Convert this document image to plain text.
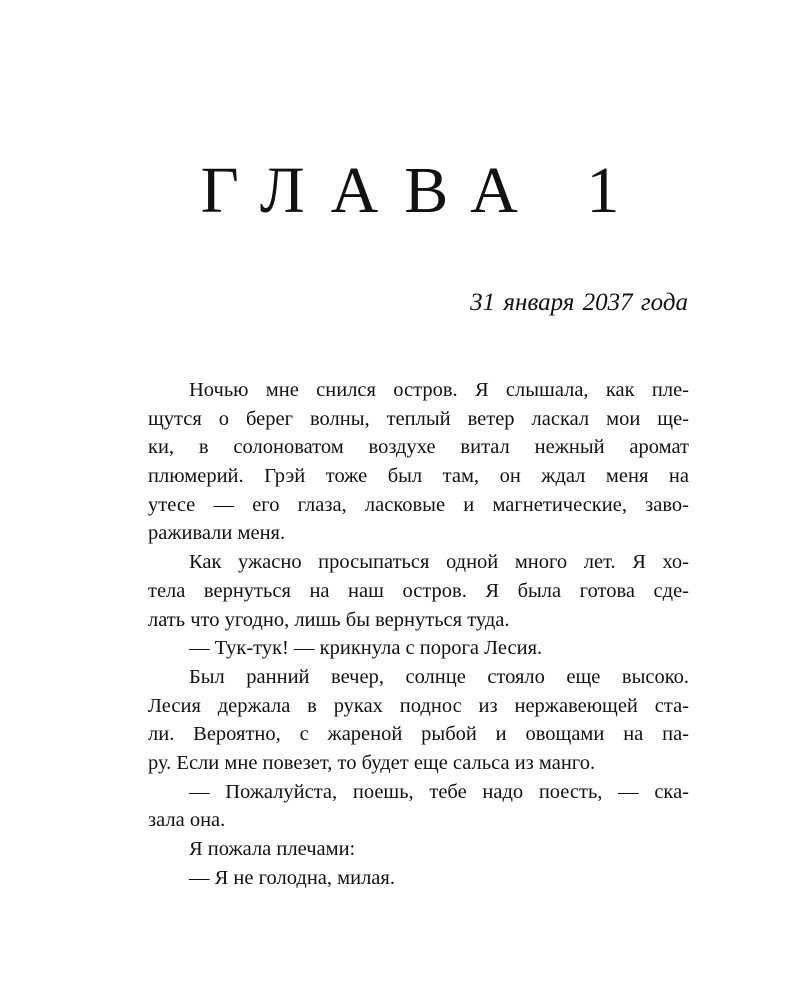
ГЛАВА 1

31 января 2037 года

Ночью мне снился остров. Я слышала, как пле-
щутся о берег волны, теплый ветер ласкал мои ще-
ки, в солоноватом воздухе витал нежный аромат
плюмерий. Грэй тоже был там, он ждал меня на
утесе — его глаза, ласковые и магнетические, заво-
раживали меня.
Как ужасно просыпаться одной много лет. Я хо-
тела вернуться на наш остров. Я была готова сде-
лать что угодно, лишь бы вернуться туда.
— Тук-тук! — крикнула с порога Лесия.
Был ранний вечер, солнце стояло еще высоко.
Лесия держала в руках поднос из нержавеющей ста-
ли. Вероятно, с жареной рыбой и овощами на па-
ру. Если мне повезет, то будет еще сальса из манго.
— Пожалуйста, поешь, тебе надо поесть, — ска-
зала она.
Я пожала плечами:
— Я не голодна, милая.
